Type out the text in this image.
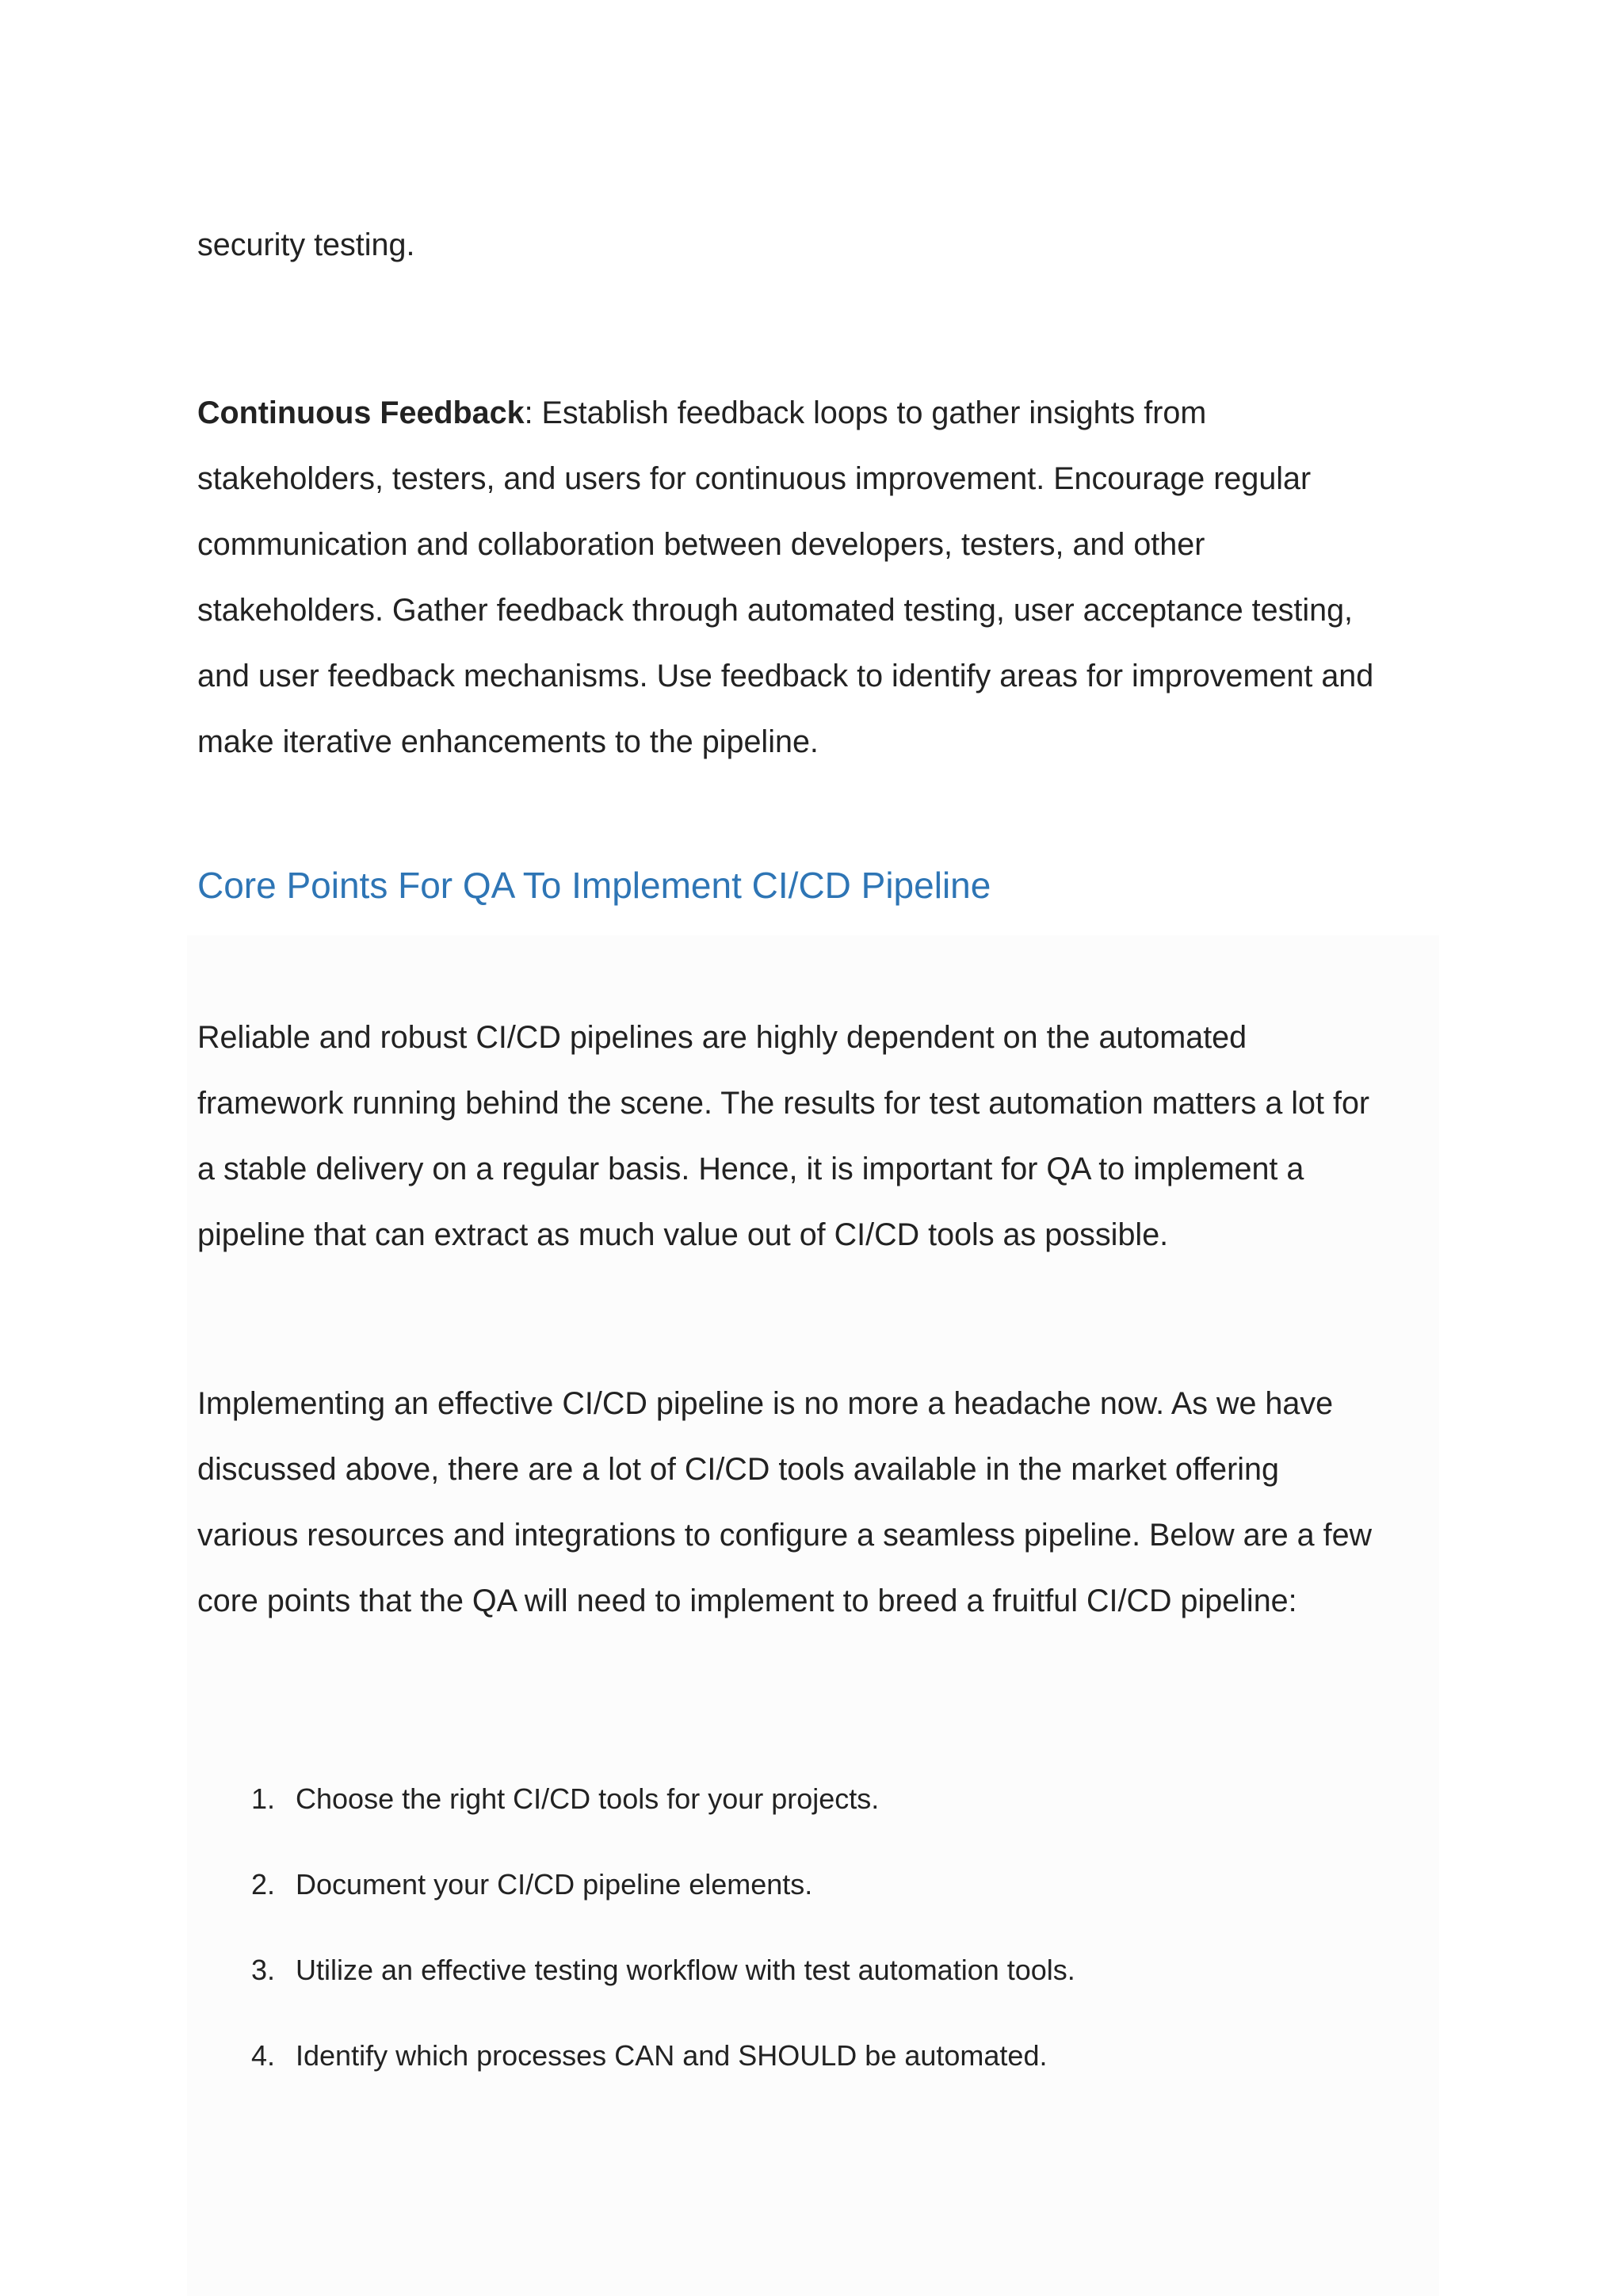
security testing.

Continuous Feedback: Establish feedback loops to gather insights from
stakeholders, testers, and users for continuous improvement. Encourage regular
communication and collaboration between developers, testers, and other
stakeholders. Gather feedback through automated testing, user acceptance testing,
and user feedback mechanisms. Use feedback to identify areas for improvement and
make iterative enhancements to the pipeline.

Core Points For QA To Implement CI/CD Pipeline

Reliable and robust CI/CD pipelines are highly dependent on the automated
framework running behind the scene. The results for test automation matters a lot for
a stable delivery on a regular basis. Hence, it is important for QA to implement a
pipeline that can extract as much value out of CI/CD tools as possible.

Implementing an effective CI/CD pipeline is no more a headache now. As we have
discussed above, there are a lot of CI/CD tools available in the market offering
various resources and integrations to configure a seamless pipeline. Below are a few
core points that the QA will need to implement to breed a fruitful CI/CD pipeline:

1. Choose the right CI/CD tools for your projects.
2. Document your CI/CD pipeline elements.
3. Utilize an effective testing workflow with test automation tools.
4. Identify which processes CAN and SHOULD be automated.
